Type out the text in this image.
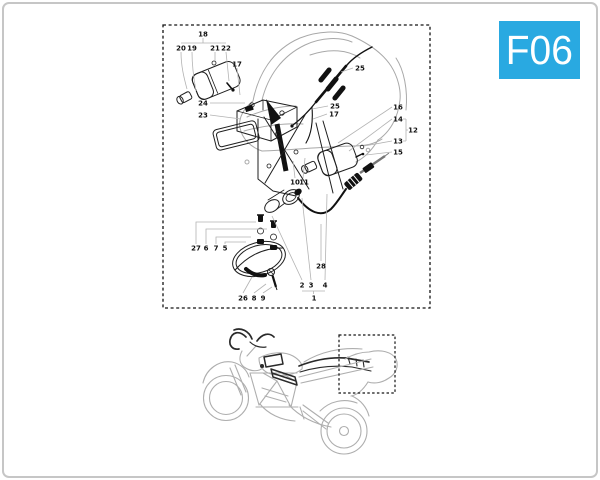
F06
18
20 19 21 22
17	25
24
23
25
17
16
14
12
13
15
10 11
27 6 7 5
26 8 9
2 3 4
1
28
